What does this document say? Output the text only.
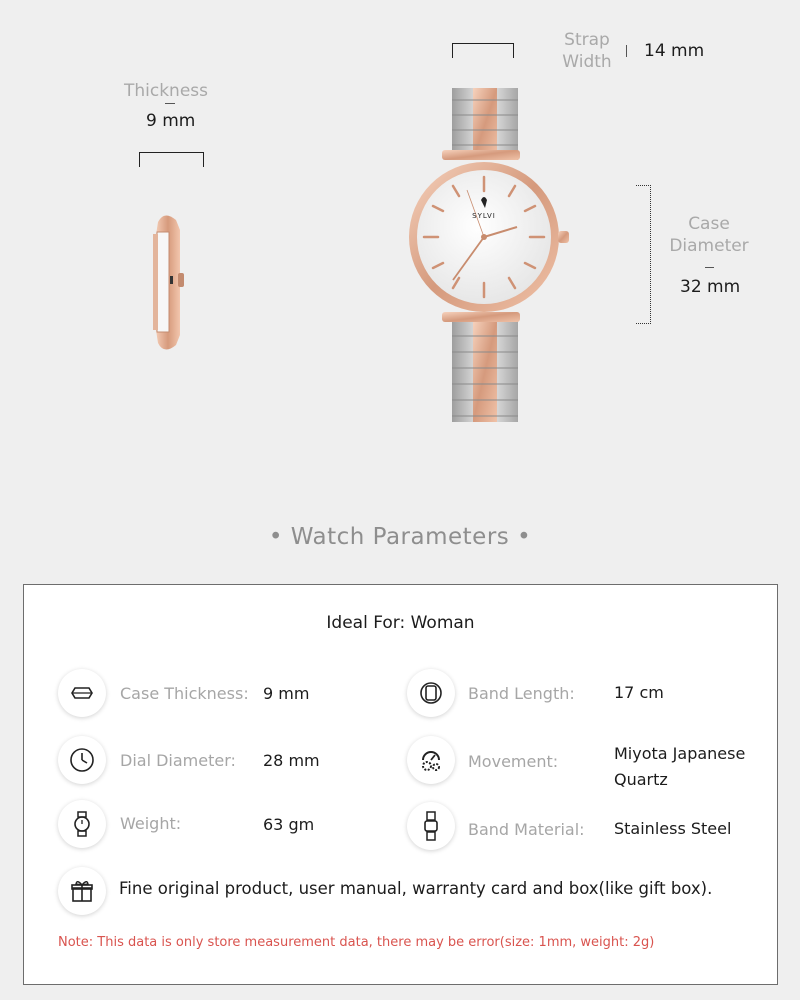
Strap
Width
14 mm
Thickness
9 mm
Case
Diameter
32 mm
SYLVI
• Watch Parameters •
Ideal For: Woman
Case Thickness: 9 mm	Band Length: 17 cm
Dial Diameter: 28 mm	Movement:	Miyota Japanese Quartz
Weight:	63 gm	Band Material: Stainless Steel
Fine original product, user manual, warranty card and box(like gift box).
Note: This data is only store measurement data, there may be error(size: 1mm, weight: 2g)
